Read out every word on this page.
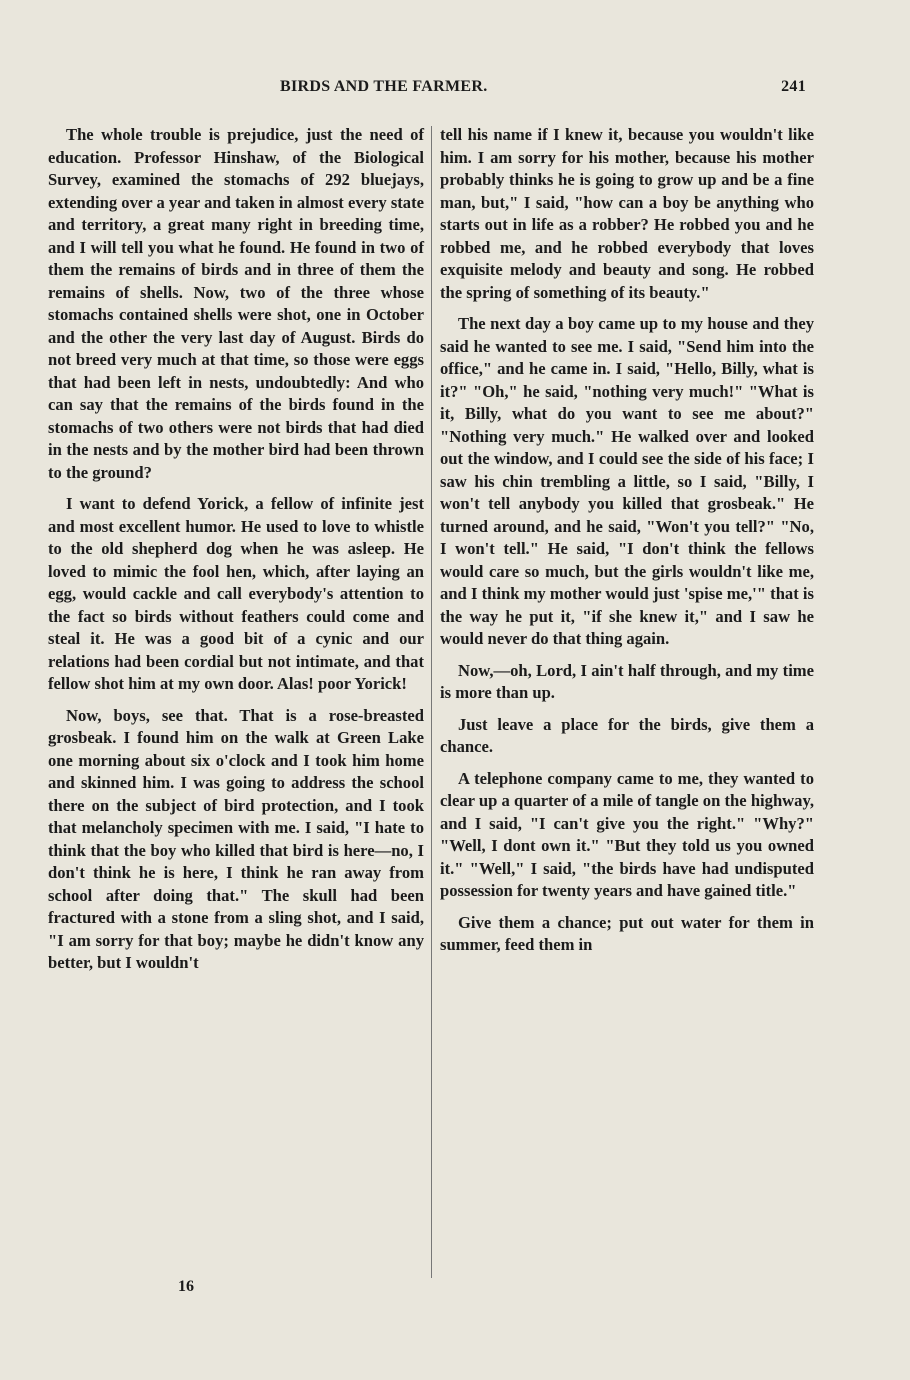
BIRDS AND THE FARMER.	241

The whole trouble is prejudice, just the need of education. Professor Hinshaw, of the Biological Survey, examined the stomachs of 292 bluejays, extending over a year and taken in almost every state and territory, a great many right in breeding time, and I will tell you what he found. He found in two of them the remains of birds and in three of them the remains of shells. Now, two of the three whose stomachs contained shells were shot, one in October and the other the very last day of August. Birds do not breed very much at that time, so those were eggs that had been left in nests, undoubtedly: And who can say that the remains of the birds found in the stomachs of two others were not birds that had died in the nests and by the mother bird had been thrown to the ground?

I want to defend Yorick, a fellow of infinite jest and most excellent humor. He used to love to whistle to the old shepherd dog when he was asleep. He loved to mimic the fool hen, which, after laying an egg, would cackle and call everybody's attention to the fact so birds without feathers could come and steal it. He was a good bit of a cynic and our relations had been cordial but not intimate, and that fellow shot him at my own door. Alas! poor Yorick!

Now, boys, see that. That is a rose-breasted grosbeak. I found him on the walk at Green Lake one morning about six o'clock and I took him home and skinned him. I was going to address the school there on the subject of bird protection, and I took that melancholy specimen with me. I said, "I hate to think that the boy who killed that bird is here—no, I don't think he is here, I think he ran away from school after doing that." The skull had been fractured with a stone from a sling shot, and I said, "I am sorry for that boy; maybe he didn't know any better, but I wouldn't

tell his name if I knew it, because you wouldn't like him. I am sorry for his mother, because his mother probably thinks he is going to grow up and be a fine man, but," I said, "how can a boy be anything who starts out in life as a robber? He robbed you and he robbed me, and he robbed everybody that loves exquisite melody and beauty and song. He robbed the spring of something of its beauty."

The next day a boy came up to my house and they said he wanted to see me. I said, "Send him into the office," and he came in. I said, "Hello, Billy, what is it?" "Oh," he said, "nothing very much!" "What is it, Billy, what do you want to see me about?" "Nothing very much." He walked over and looked out the window, and I could see the side of his face; I saw his chin trembling a little, so I said, "Billy, I won't tell anybody you killed that grosbeak." He turned around, and he said, "Won't you tell?" "No, I won't tell." He said, "I don't think the fellows would care so much, but the girls wouldn't like me, and I think my mother would just 'spise me,'" that is the way he put it, "if she knew it," and I saw he would never do that thing again.

Now,—oh, Lord, I ain't half through, and my time is more than up.

Just leave a place for the birds, give them a chance.

A telephone company came to me, they wanted to clear up a quarter of a mile of tangle on the highway, and I said, "I can't give you the right." "Why?" "Well, I dont own it." "But they told us you owned it." "Well," I said, "the birds have had undisputed possession for twenty years and have gained title."

Give them a chance; put out water for them in summer, feed them in

16
